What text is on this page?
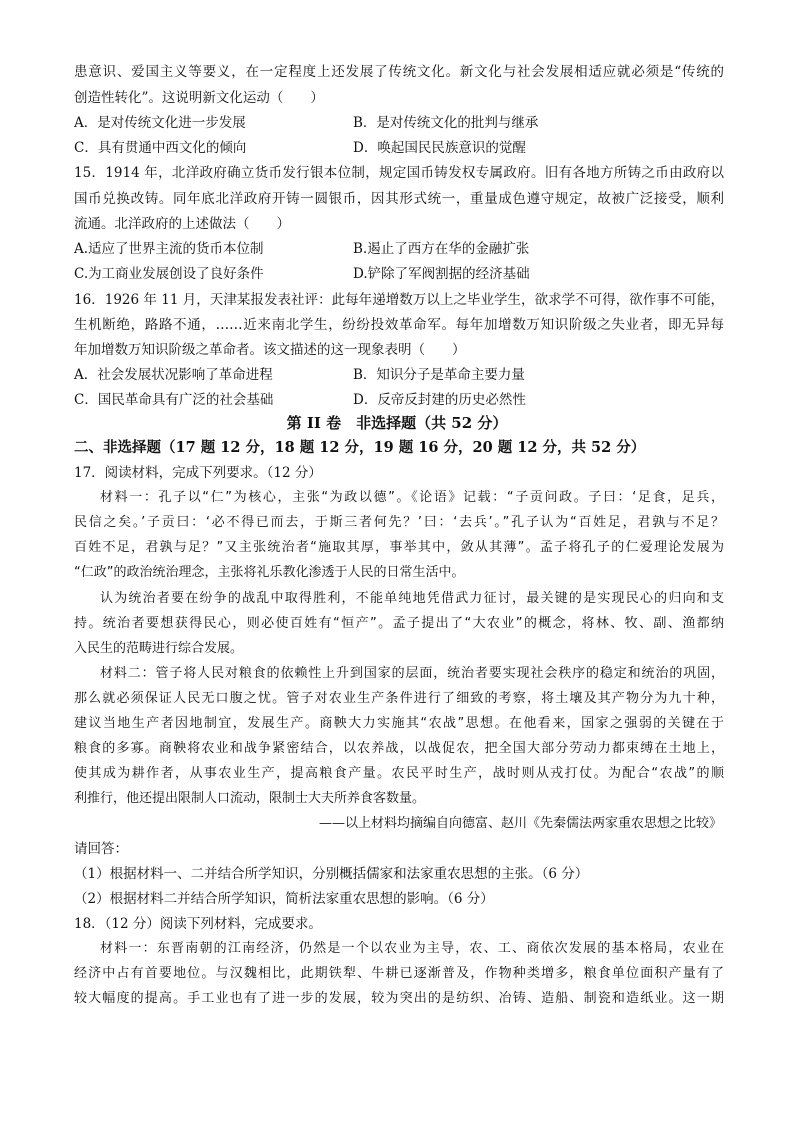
患意识、爱国主义等要义，在一定程度上还发展了传统文化。新文化与社会发展相适应就必须是“传统的
创造性转化”。这说明新文化运动（　　）
A．是对传统文化进一步发展	B．是对传统文化的批判与继承
C．具有贯通中西文化的倾向	D．唤起国民民族意识的觉醒
15．1914 年，北洋政府确立货币发行银本位制，规定国币铸发权专属政府。旧有各地方所铸之币由政府以
国币兑换改铸。同年底北洋政府开铸一圆银币，因其形式统一，重量成色遵守规定，故被广泛接受，顺利
流通。北洋政府的上述做法（　　）
A.适应了世界主流的货币本位制	B.遏止了西方在华的金融扩张
C.为工商业发展创设了良好条件	D.铲除了军阀割据的经济基础
16．1926 年 11 月，天津某报发表社评：此每年递增数万以上之毕业学生，欲求学不可得，欲作事不可能，
生机断绝，路路不通，……近来南北学生，纷纷投效革命军。每年加增数万知识阶级之失业者，即无异每
年加增数万知识阶级之革命者。该文描述的这一现象表明（　　）
A．社会发展状况影响了革命进程	B．知识分子是革命主要力量
C．国民革命具有广泛的社会基础	D．反帝反封建的历史必然性
第 II 卷　非选择题（共 52 分）
二、非选择题（17 题 12 分，18 题 12 分，19 题 16 分，20 题 12 分，共 52 分）
17．阅读材料，完成下列要求。（12 分）
材料一：孔子以“仁”为核心，主张“为政以德”。《论语》记载：“子贡问政。子曰：‘足食，足兵，
民信之矣。’子贡曰：‘必不得已而去，于斯三者何先？’曰：‘去兵’。”孔子认为“百姓足，君孰与不足？
百姓不足，君孰与足？”又主张统治者“施取其厚，事举其中，敛从其薄”。孟子将孔子的仁爱理论发展为
“仁政”的政治统治理念，主张将礼乐教化渗透于人民的日常生活中。
认为统治者要在纷争的战乱中取得胜利，不能单纯地凭借武力征讨，最关键的是实现民心的归向和支
持。统治者要想获得民心，则必使百姓有“恒产”。孟子提出了“大农业”的概念，将林、牧、副、渔都纳
入民生的范畴进行综合发展。
材料二：管子将人民对粮食的依赖性上升到国家的层面，统治者要实现社会秩序的稳定和统治的巩固，
那么就必须保证人民无口腹之忧。管子对农业生产条件进行了细致的考察，将土壤及其产物分为九十种，
建议当地生产者因地制宜，发展生产。商鞅大力实施其“农战”思想。在他看来，国家之强弱的关键在于
粮食的多寡。商鞅将农业和战争紧密结合，以农养战，以战促农，把全国大部分劳动力都束缚在土地上，
使其成为耕作者，从事农业生产，提高粮食产量。农民平时生产，战时则从戎打仗。为配合“农战”的顺
利推行，他还提出限制人口流动，限制士大夫所养食客数量。
——以上材料均摘编自向德富、赵川《先秦儒法两家重农思想之比较》
请回答：
（1）根据材料一、二并结合所学知识，分别概括儒家和法家重农思想的主张。（6 分）
（2）根据材料二并结合所学知识，简析法家重农思想的影响。（6 分）
18．（12 分）阅读下列材料，完成要求。
材料一：东晋南朝的江南经济，仍然是一个以农业为主导，农、工、商依次发展的基本格局，农业在
经济中占有首要地位。与汉魏相比，此期铁犁、牛耕已逐渐普及，作物种类增多，粮食单位面积产量有了
较大幅度的提高。手工业也有了进一步的发展，较为突出的是纺织、冶铸、造船、制瓷和造纸业。这一期
